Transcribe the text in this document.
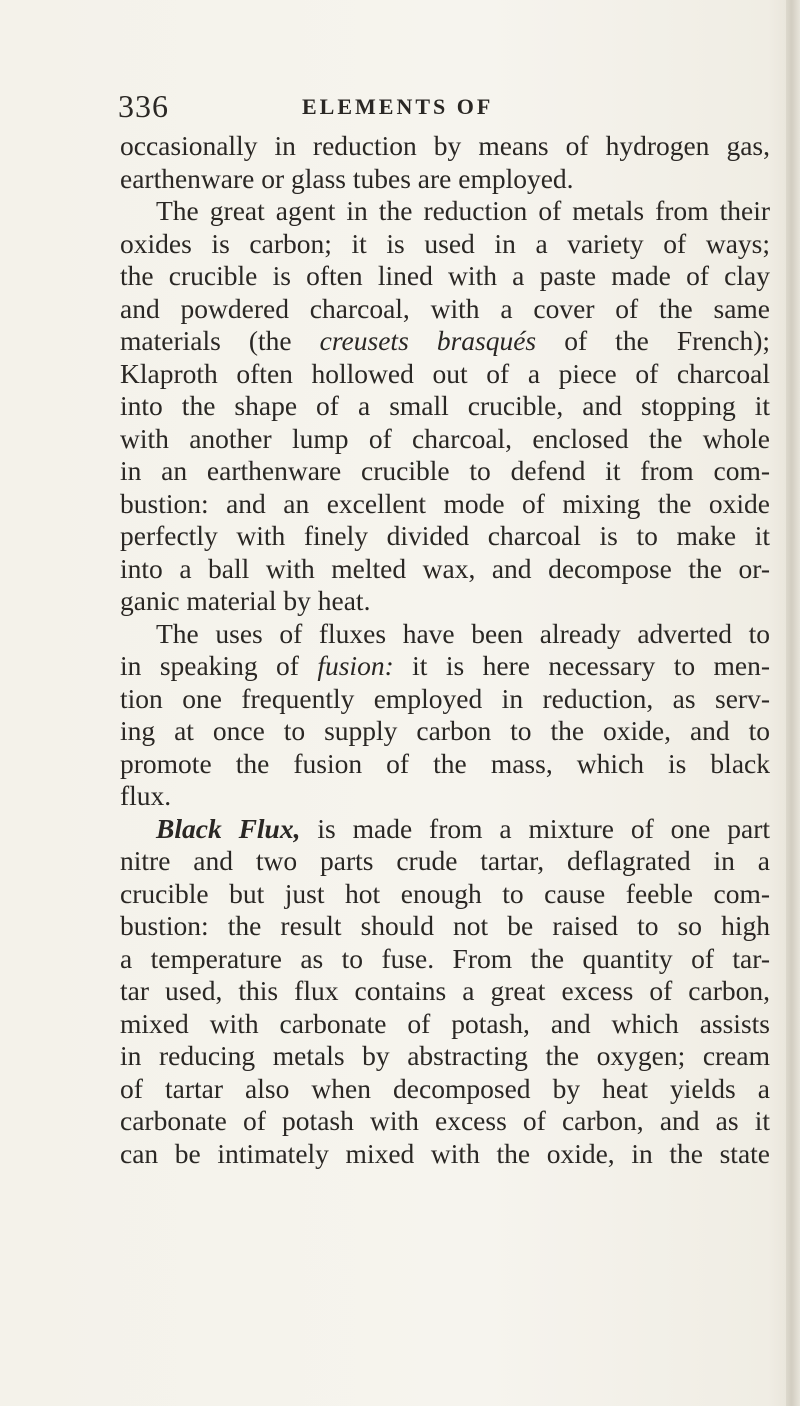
336	ELEMENTS OF
occasionally in reduction by means of hydrogen gas,
earthenware or glass tubes are employed.
The great agent in the reduction of metals from their
oxides is carbon; it is used in a variety of ways;
the crucible is often lined with a paste made of clay
and powdered charcoal, with a cover of the same
materials (the creusets brasqués of the French);
Klaproth often hollowed out of a piece of charcoal
into the shape of a small crucible, and stopping it
with another lump of charcoal, enclosed the whole
in an earthenware crucible to defend it from com-
bustion: and an excellent mode of mixing the oxide
perfectly with finely divided charcoal is to make it
into a ball with melted wax, and decompose the or-
ganic material by heat.
The uses of fluxes have been already adverted to
in speaking of fusion: it is here necessary to men-
tion one frequently employed in reduction, as serv-
ing at once to supply carbon to the oxide, and to
promote the fusion of the mass, which is black
flux.
Black Flux, is made from a mixture of one part
nitre and two parts crude tartar, deflagrated in a
crucible but just hot enough to cause feeble com-
bustion: the result should not be raised to so high
a temperature as to fuse. From the quantity of tar-
tar used, this flux contains a great excess of carbon,
mixed with carbonate of potash, and which assists
in reducing metals by abstracting the oxygen; cream
of tartar also when decomposed by heat yields a
carbonate of potash with excess of carbon, and as it
can be intimately mixed with the oxide, in the state
